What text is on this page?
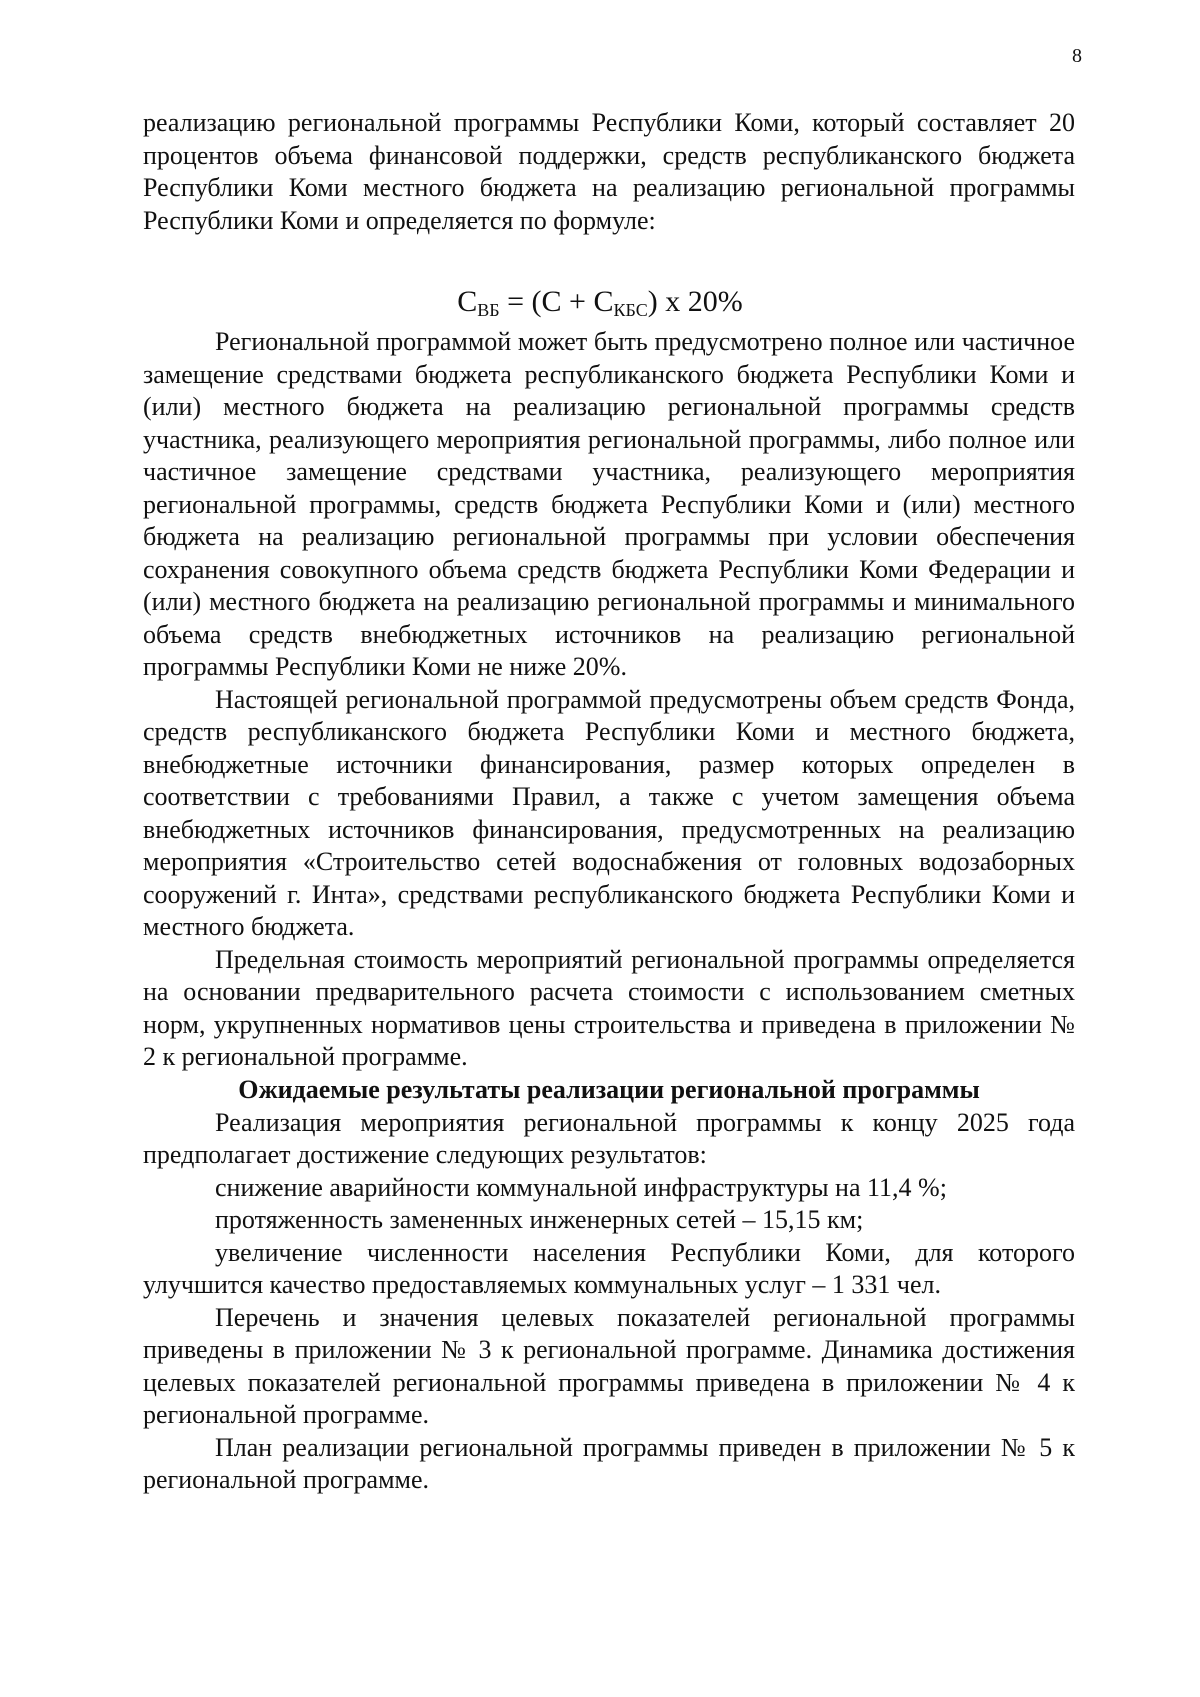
8

реализацию региональной программы Республики Коми, который составляет 20 процентов объема финансовой поддержки, средств республиканского бюджета Республики Коми местного бюджета на реализацию региональной программы Республики Коми и определяется по формуле:

$С_{ВБ} = (С + С_{КБС})$ х 20%

Региональной программой может быть предусмотрено полное или частичное замещение средствами бюджета республиканского бюджета Республики Коми и (или) местного бюджета на реализацию региональной программы средств участника, реализующего мероприятия региональной программы, либо полное или частичное замещение средствами участника, реализующего мероприятия региональной программы, средств бюджета Республики Коми и (или) местного бюджета на реализацию региональной программы при условии обеспечения сохранения совокупного объема средств бюджета Республики Коми Федерации и (или) местного бюджета на реализацию региональной программы и минимального объема средств внебюджетных источников на реализацию региональной программы Республики Коми не ниже 20%.

Настоящей региональной программой предусмотрены объем средств Фонда, средств республиканского бюджета Республики Коми и местного бюджета, внебюджетные источники финансирования, размер которых определен в соответствии с требованиями Правил, а также с учетом замещения объема внебюджетных источников финансирования, предусмотренных на реализацию мероприятия «Строительство сетей водоснабжения от головных водозаборных сооружений г. Инта», средствами республиканского бюджета Республики Коми и местного бюджета.

Предельная стоимость мероприятий региональной программы определяется на основании предварительного расчета стоимости с использованием сметных норм, укрупненных нормативов цены строительства и приведена в приложении № 2 к региональной программе.

Ожидаемые результаты реализации региональной программы

Реализация мероприятия региональной программы к концу 2025 года предполагает достижение следующих результатов:

снижение аварийности коммунальной инфраструктуры на 11,4 %;

протяженность замененных инженерных сетей – 15,15 км;

увеличение численности населения Республики Коми, для которого улучшится качество предоставляемых коммунальных услуг – 1 331 чел.

Перечень и значения целевых показателей региональной программы приведены в приложении № 3 к региональной программе. Динамика достижения целевых показателей региональной программы приведена в приложении № 4 к региональной программе.

План реализации региональной программы приведен в приложении № 5 к региональной программе.
